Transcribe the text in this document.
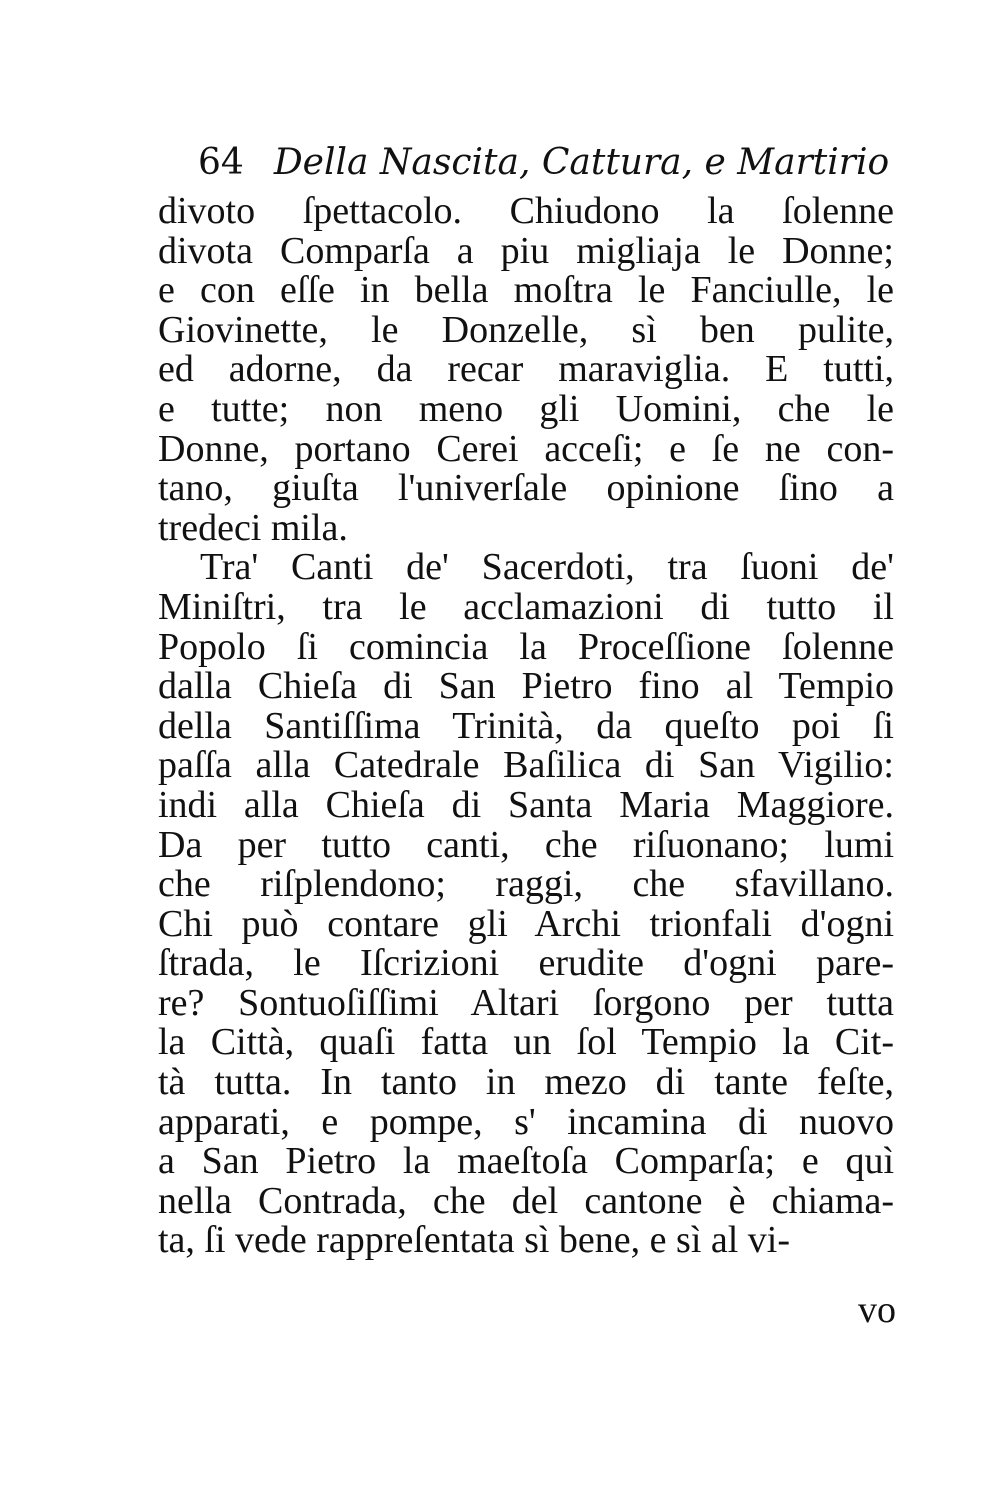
64 Della Nascita, Cattura, e Martirio
divoto ſpettacolo. Chiudono la ſolenne
divota Comparſa a piu migliaja le Donne;
e con eſſe in bella moſtra le Fanciulle, le
Giovinette, le Donzelle, sì ben pulite,
ed adorne, da recar maraviglia. E tutti,
e tutte; non meno gli Uomini, che le
Donne, portano Cerei acceſi; e ſe ne con-
tano, giuſta l'univerſale opinione ſino a
tredeci mila.
Tra' Canti de' Sacerdoti, tra ſuoni de'
Miniſtri, tra le acclamazioni di tutto il
Popolo ſi comincia la Proceſſione ſolenne
dalla Chieſa di San Pietro fino al Tempio
della Santiſſima Trinità, da queſto poi ſi
paſſa alla Catedrale Baſilica di San Vigilio:
indi alla Chieſa di Santa Maria Maggiore.
Da per tutto canti, che riſuonano; lumi
che riſplendono; raggi, che sfavillano.
Chi può contare gli Archi trionfali d'ogni
ſtrada, le Iſcrizioni erudite d'ogni pare-
re? Sontuoſiſſimi Altari ſorgono per tutta
la Città, quaſi fatta un ſol Tempio la Cit-
tà tutta. In tanto in mezo di tante feſte,
apparati, e pompe, s' incamina di nuovo
a San Pietro la maeſtoſa Comparſa; e quì
nella Contrada, che del cantone è chiama-
ta, ſi vede rappreſentata sì bene, e sì al vi-
vo
